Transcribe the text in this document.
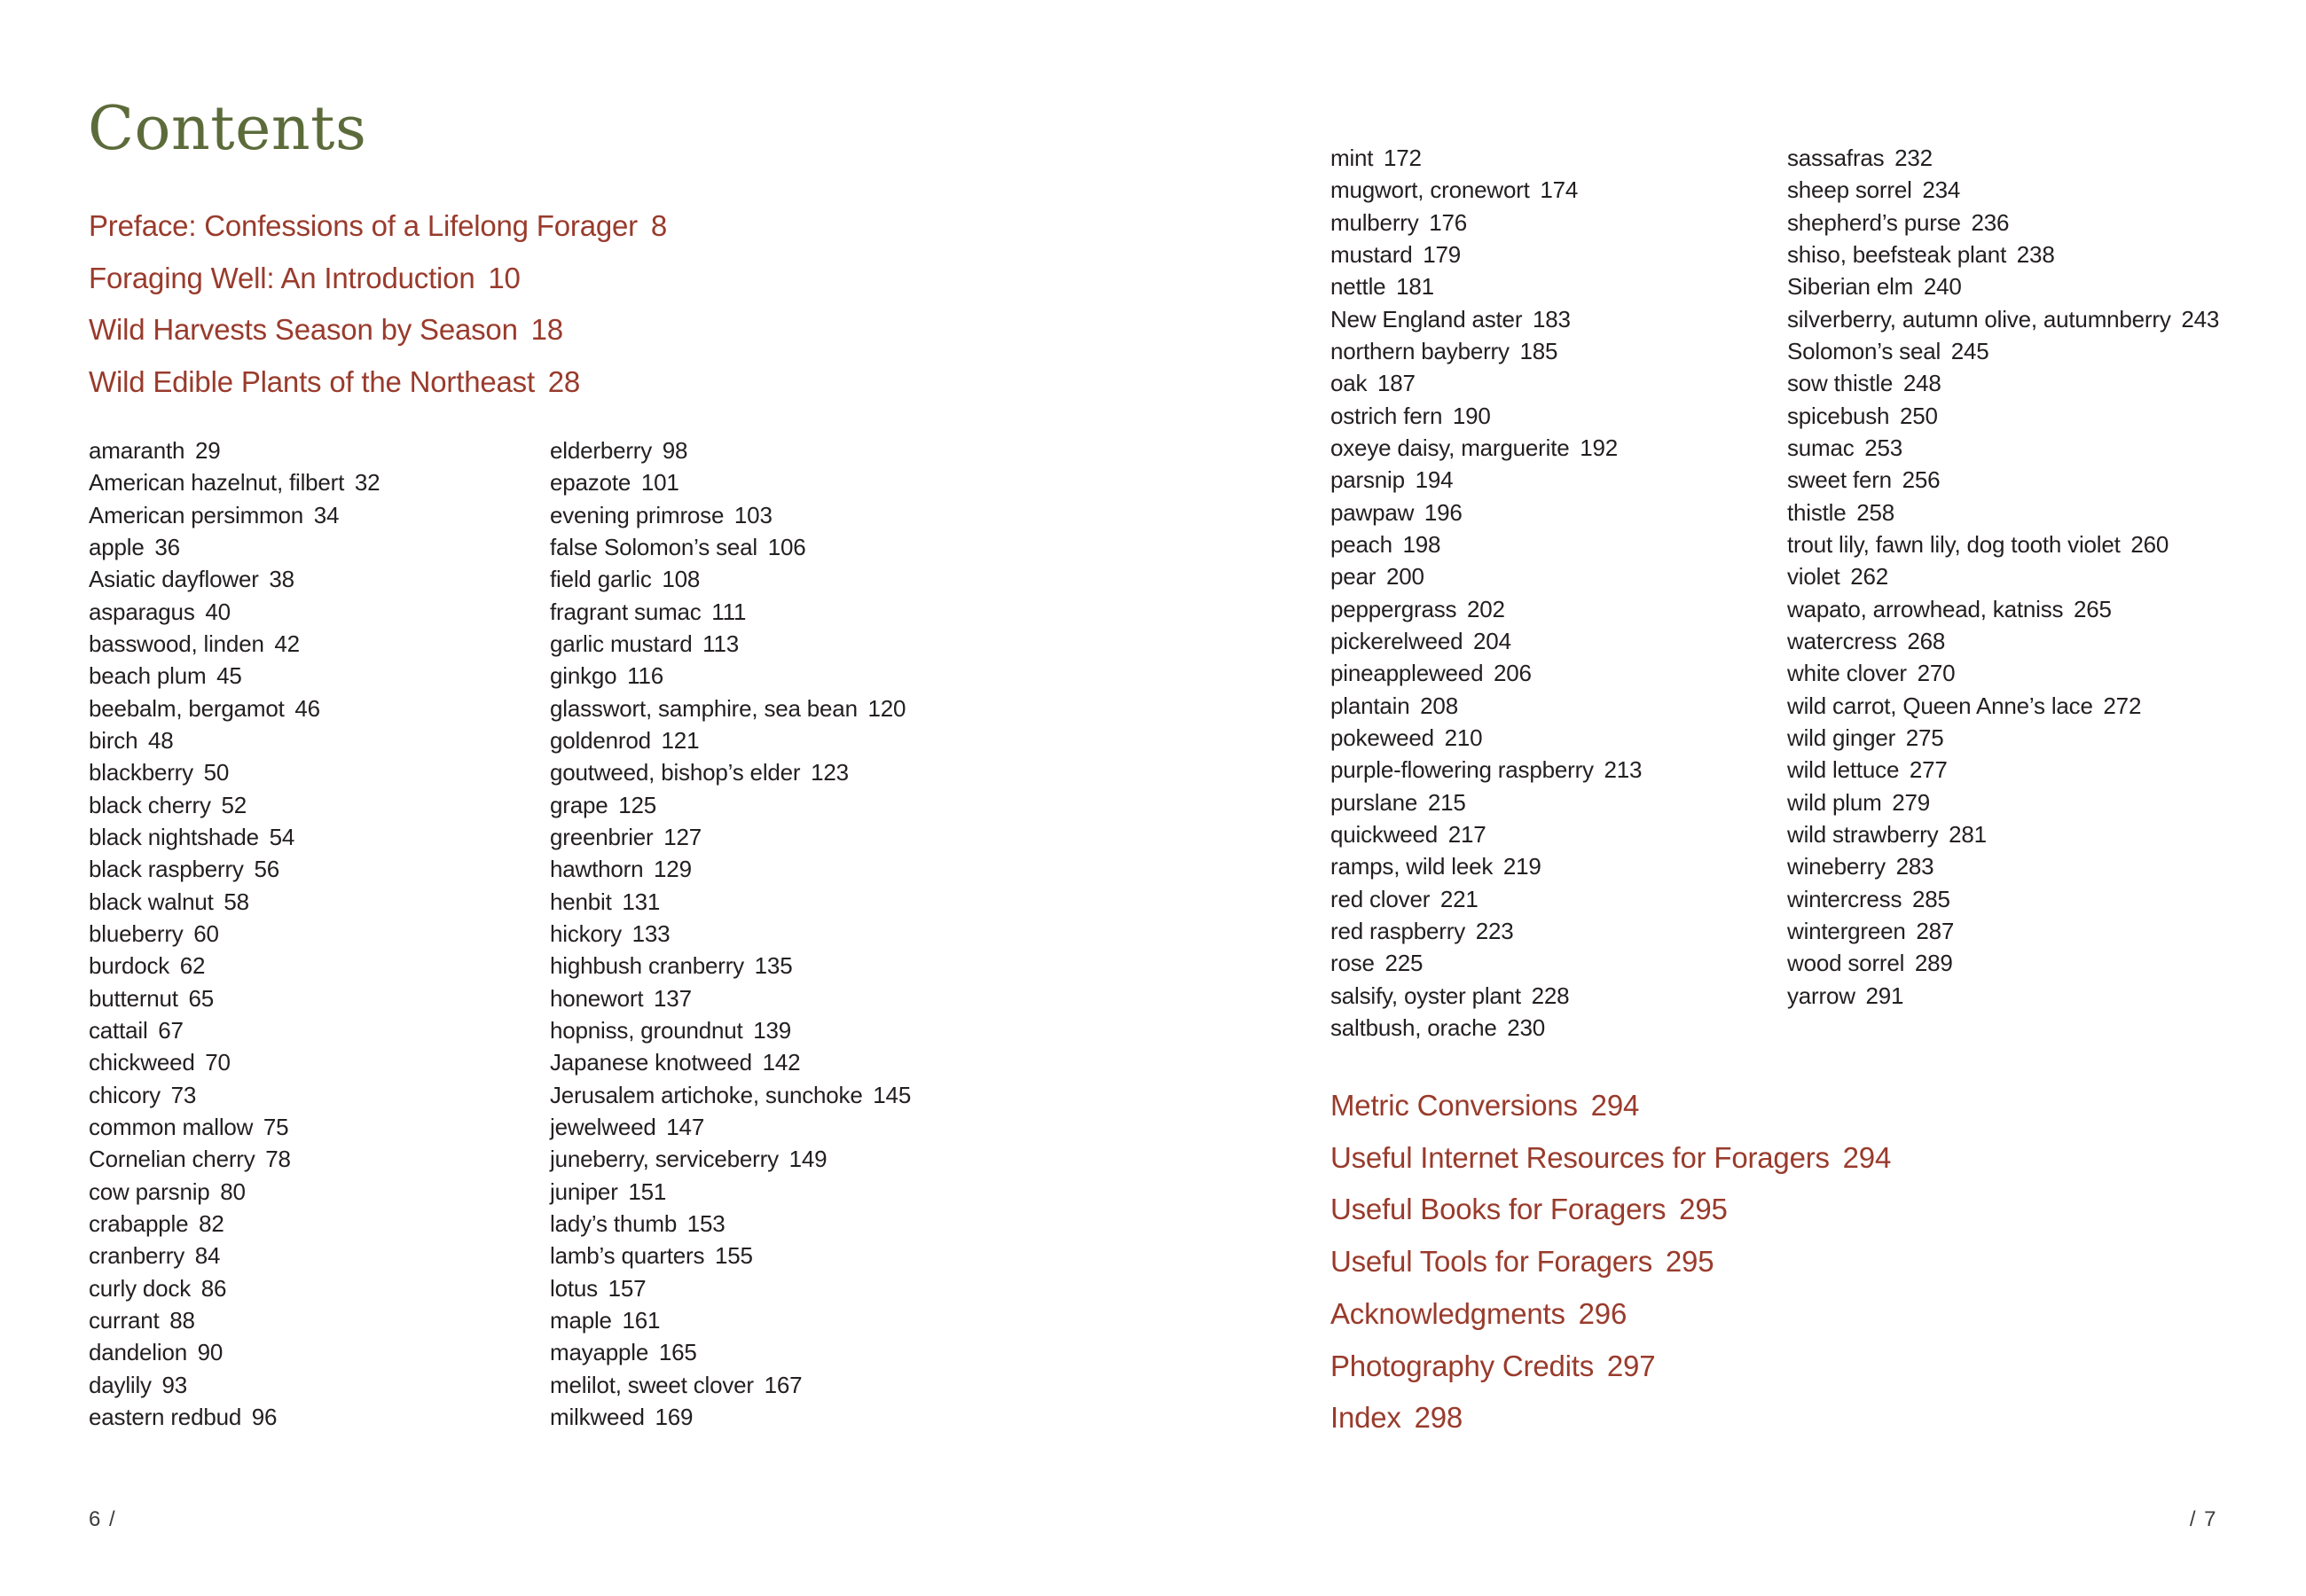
Contents
Preface: Confessions of a Lifelong Forager 8
Foraging Well: An Introduction 10
Wild Harvests Season by Season 18
Wild Edible Plants of the Northeast 28
amaranth 29
American hazelnut, filbert 32
American persimmon 34
apple 36
Asiatic dayflower 38
asparagus 40
basswood, linden 42
beach plum 45
beebalm, bergamot 46
birch 48
blackberry 50
black cherry 52
black nightshade 54
black raspberry 56
black walnut 58
blueberry 60
burdock 62
butternut 65
cattail 67
chickweed 70
chicory 73
common mallow 75
Cornelian cherry 78
cow parsnip 80
crabapple 82
cranberry 84
curly dock 86
currant 88
dandelion 90
daylily 93
eastern redbud 96
elderberry 98
epazote 101
evening primrose 103
false Solomon’s seal 106
field garlic 108
fragrant sumac 111
garlic mustard 113
ginkgo 116
glasswort, samphire, sea bean 120
goldenrod 121
goutweed, bishop’s elder 123
grape 125
greenbrier 127
hawthorn 129
henbit 131
hickory 133
highbush cranberry 135
honewort 137
hopniss, groundnut 139
Japanese knotweed 142
Jerusalem artichoke, sunchoke 145
jewelweed 147
juneberry, serviceberry 149
juniper 151
lady’s thumb 153
lamb’s quarters 155
lotus 157
maple 161
mayapple 165
melilot, sweet clover 167
milkweed 169
mint 172
mugwort, cronewort 174
mulberry 176
mustard 179
nettle 181
New England aster 183
northern bayberry 185
oak 187
ostrich fern 190
oxeye daisy, marguerite 192
parsnip 194
pawpaw 196
peach 198
pear 200
peppergrass 202
pickerelweed 204
pineappleweed 206
plantain 208
pokeweed 210
purple-flowering raspberry 213
purslane 215
quickweed 217
ramps, wild leek 219
red clover 221
red raspberry 223
rose 225
salsify, oyster plant 228
saltbush, orache 230
sassafras 232
sheep sorrel 234
shepherd’s purse 236
shiso, beefsteak plant 238
Siberian elm 240
silverberry, autumn olive, autumnberry 243
Solomon’s seal 245
sow thistle 248
spicebush 250
sumac 253
sweet fern 256
thistle 258
trout lily, fawn lily, dog tooth violet 260
violet 262
wapato, arrowhead, katniss 265
watercress 268
white clover 270
wild carrot, Queen Anne’s lace 272
wild ginger 275
wild lettuce 277
wild plum 279
wild strawberry 281
wineberry 283
wintercress 285
wintergreen 287
wood sorrel 289
yarrow 291
Metric Conversions 294
Useful Internet Resources for Foragers 294
Useful Books for Foragers 295
Useful Tools for Foragers 295
Acknowledgments 296
Photography Credits 297
Index 298
6 /	/ 7
